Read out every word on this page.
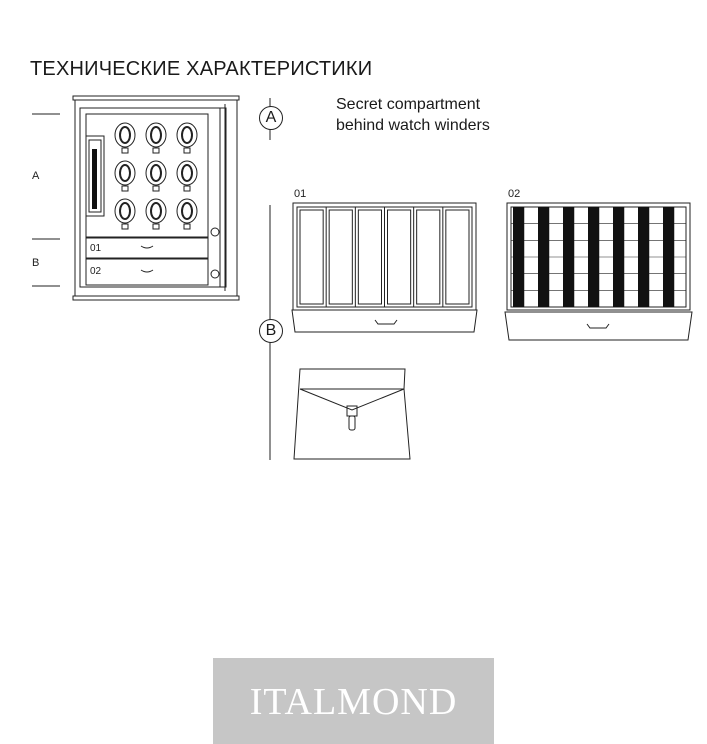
ТЕХНИЧЕСКИЕ ХАРАКТЕРИСТИКИ
A
B
01
02
A
Secret compartment
behind watch winders
B
01	02
ITALMOND
